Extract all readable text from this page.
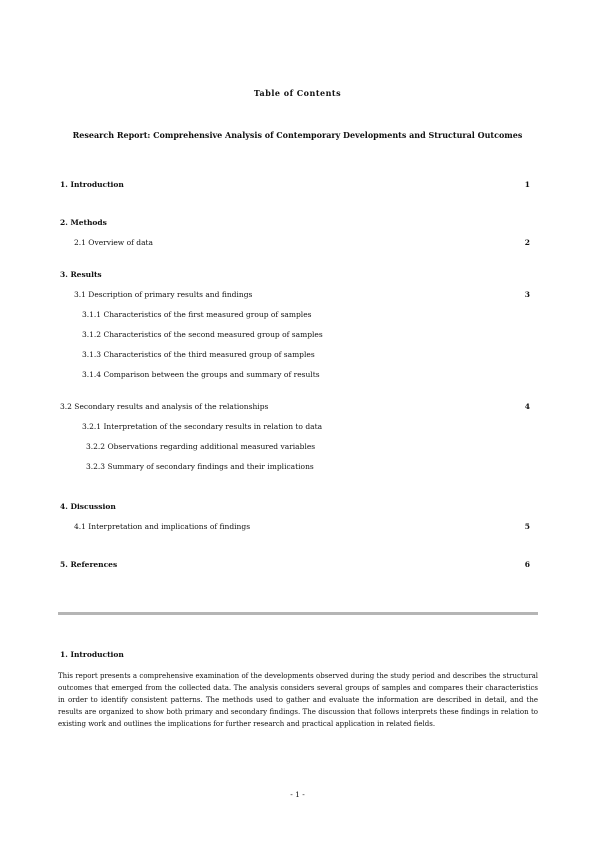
Table of Contents
Research Report: Comprehensive Analysis of Contemporary Developments and Structural Outcomes
1. Introduction	1
2. Methods
2.1 Overview of data	2
3. Results
3.1 Description of primary results and findings	3
3.1.1 Characteristics of the first measured group of samples
3.1.2 Characteristics of the second measured group of samples
3.1.3 Characteristics of the third measured group of samples
3.1.4 Comparison between the groups and summary of results
3.2 Secondary results and analysis of the relationships	4
3.2.1 Interpretation of the secondary results in relation to data
3.2.2 Observations regarding additional measured variables
3.2.3 Summary of secondary findings and their implications
4. Discussion
4.1 Interpretation and implications of findings	5
5. References	6
1. Introduction
This report presents a comprehensive examination of the developments observed during the study period and describes the structural outcomes that emerged from the collected data. The analysis considers several groups of samples and compares their characteristics in order to identify consistent patterns. The methods used to gather and evaluate the information are described in detail, and the results are organized to show both primary and secondary findings. The discussion that follows interprets these findings in relation to existing work and outlines the implications for further research and practical application in related fields.
- 1 -
